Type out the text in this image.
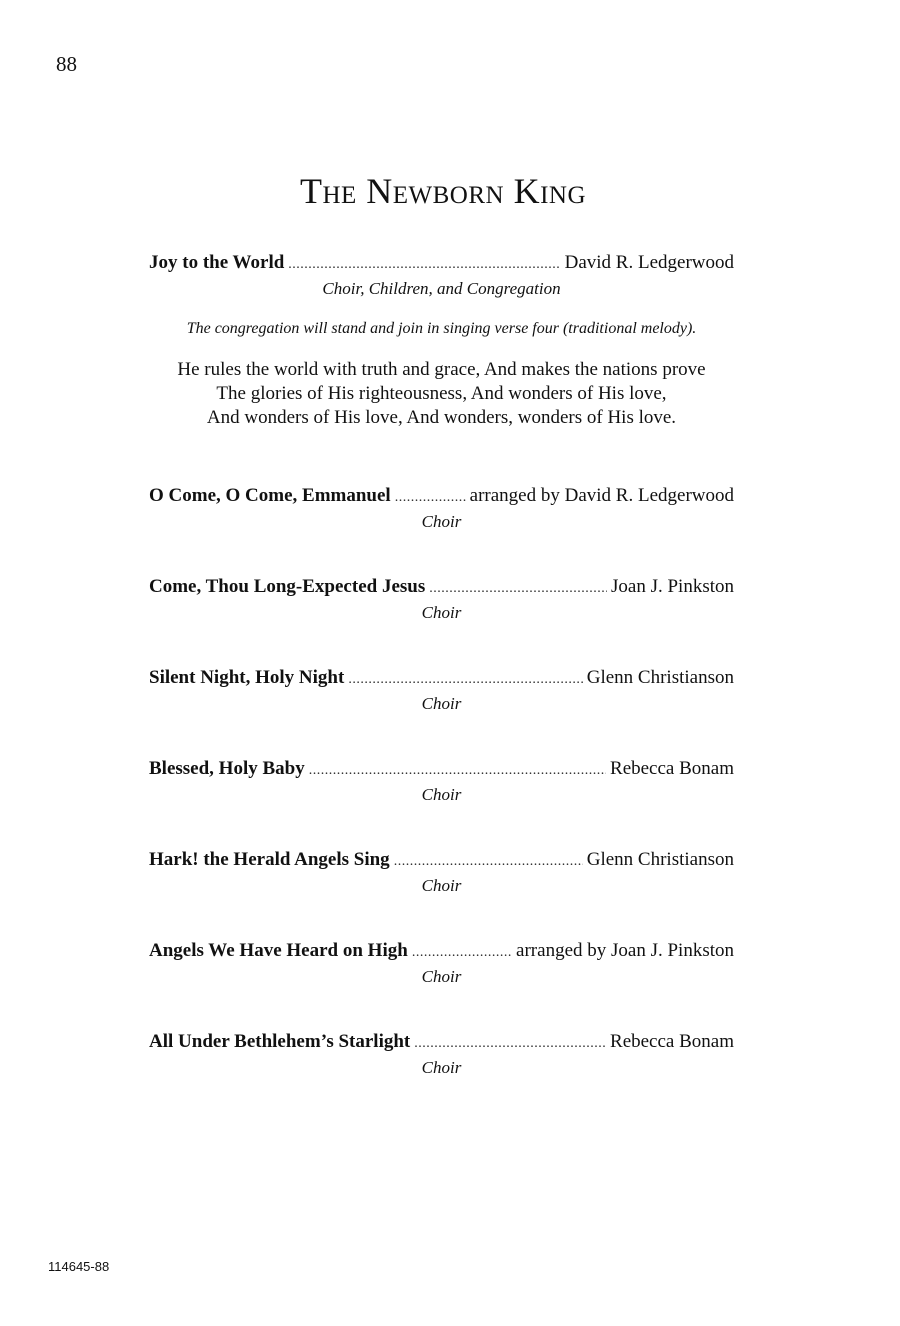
88
The Newborn King
Joy to the World .....	David R. Ledgerwood
Choir, Children, and Congregation
The congregation will stand and join in singing verse four (traditional melody).
He rules the world with truth and grace, And makes the nations prove
The glories of His righteousness, And wonders of His love,
And wonders of His love, And wonders, wonders of His love.
O Come, O Come, Emmanuel .....	arranged by David R. Ledgerwood
Choir
Come, Thou Long-Expected Jesus .....	Joan J. Pinkston
Choir
Silent Night, Holy Night .....	Glenn Christianson
Choir
Blessed, Holy Baby .....	Rebecca Bonam
Choir
Hark! the Herald Angels Sing .....	Glenn Christianson
Choir
Angels We Have Heard on High .....	arranged by Joan J. Pinkston
Choir
All Under Bethlehem’s Starlight .....	Rebecca Bonam
Choir
114645-88
